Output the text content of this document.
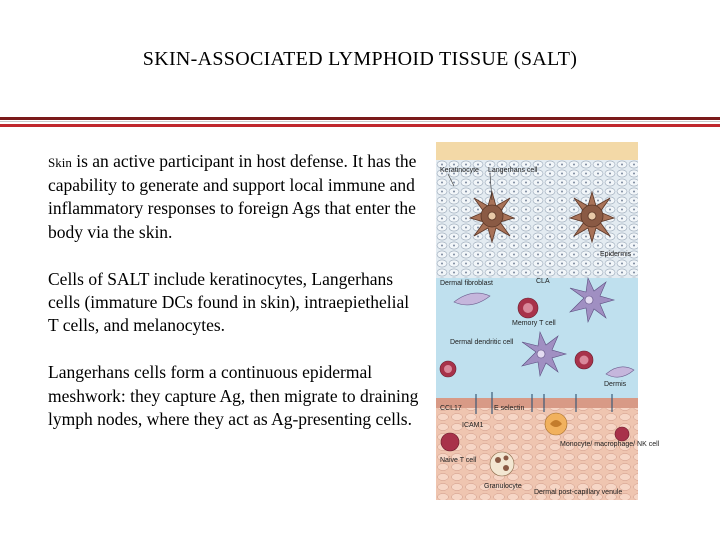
SKIN-ASSOCIATED LYMPHOID TISSUE (SALT)

Skin is an active participant in host defense. It has the capability to generate and support local immune and inflammatory responses to foreign Ags that enter the body via the skin.

Cells of SALT include keratinocytes, Langerhans cells (immature DCs found in skin), intraepiethelial T cells, and melanocytes.

Langerhans cells form a continuous epidermal meshwork: they capture Ag, then migrate to draining lymph nodes, where they act as Ag-presenting cells.

Keratinocyte Langerhans cell
Epidermis
Dermal fibroblast	CLA
Memory T cell
Dermal dendritic cell
Dermis
CCL17	E selectin
ICAM1
Monocyte/ macrophage/ NK cell
Naive T cell
Granulocyte
Dermal post-capillary venule
